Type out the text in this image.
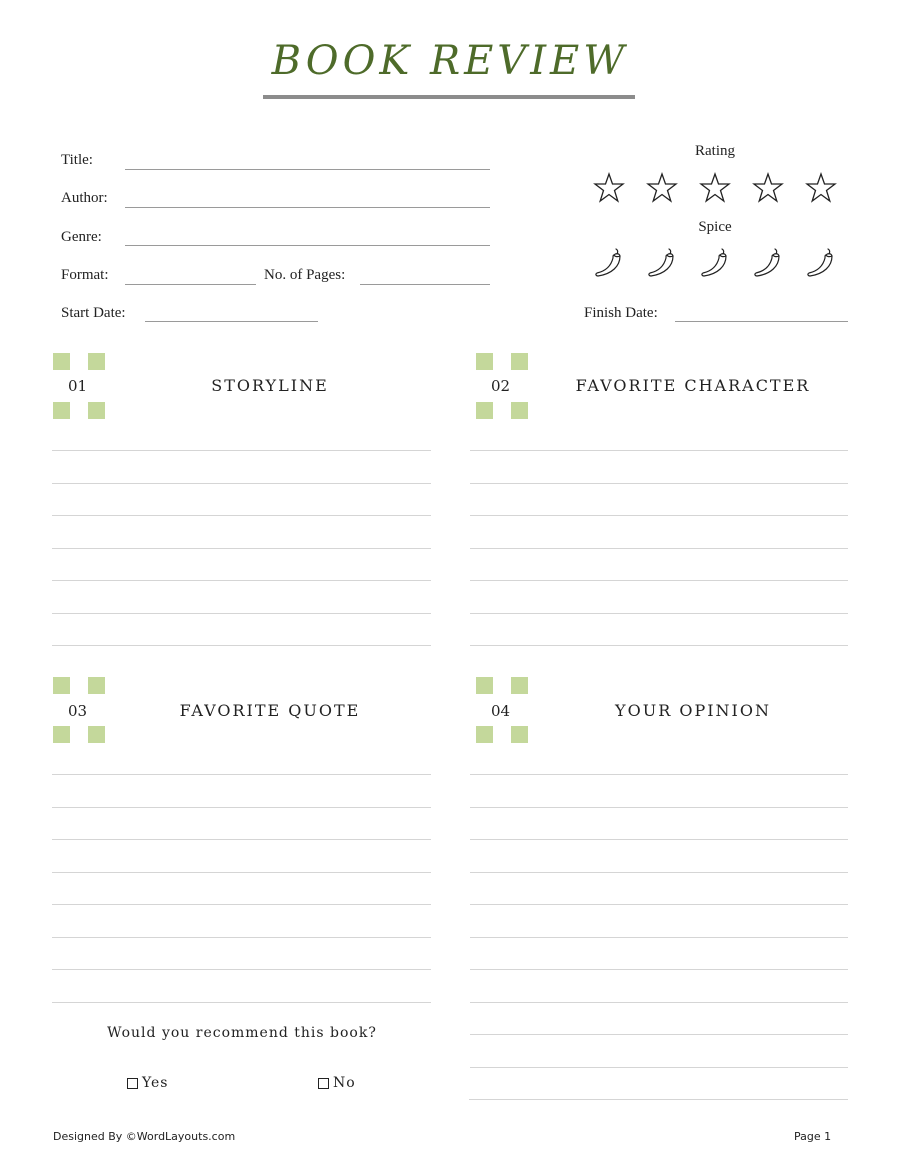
BOOK REVIEW
Title:
Author:
Genre:
Format:	No. of Pages:
Start Date:
Rating
Spice
Finish Date:
01	STORYLINE	02	FAVORITE CHARACTER
03	FAVORITE QUOTE	04	YOUR OPINION
Would you recommend this book?
Yes	No
Designed By ©WordLayouts.com	Page 1
